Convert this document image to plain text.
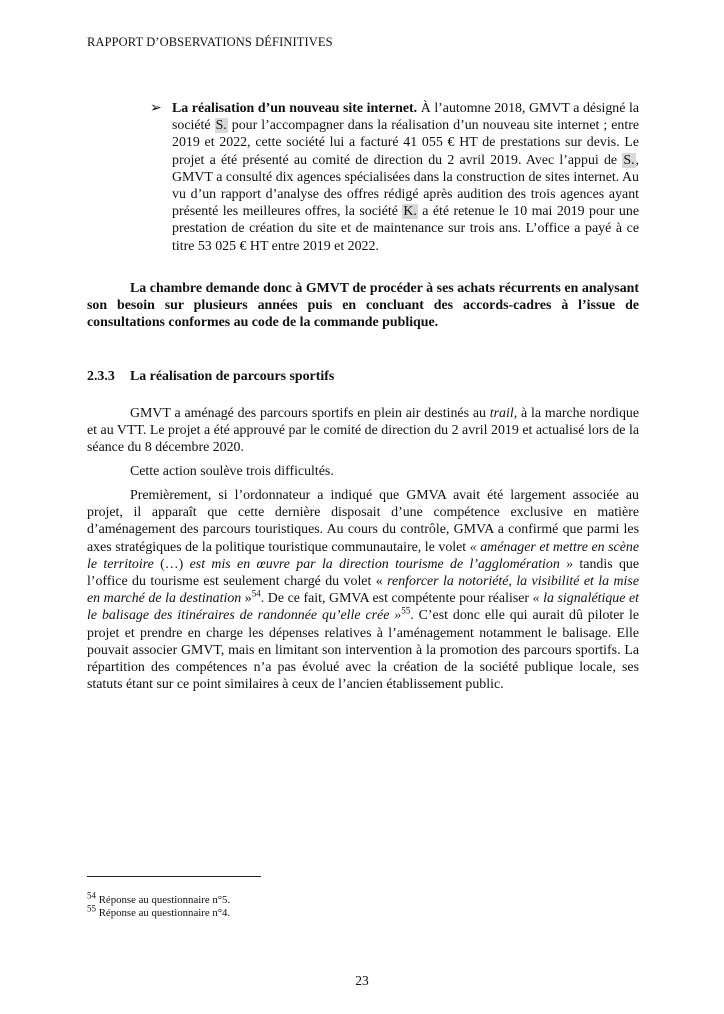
RAPPORT D’OBSERVATIONS DÉFINITIVES
➢ La réalisation d’un nouveau site internet. À l’automne 2018, GMVT a désigné la société S. pour l’accompagner dans la réalisation d’un nouveau site internet ; entre 2019 et 2022, cette société lui a facturé 41 055 € HT de prestations sur devis. Le projet a été présenté au comité de direction du 2 avril 2019. Avec l’appui de S., GMVT a consulté dix agences spécialisées dans la construction de sites internet. Au vu d’un rapport d’analyse des offres rédigé après audition des trois agences ayant présenté les meilleures offres, la société K. a été retenue le 10 mai 2019 pour une prestation de création du site et de maintenance sur trois ans. L’office a payé à ce titre 53 025 € HT entre 2019 et 2022.

La chambre demande donc à GMVT de procéder à ses achats récurrents en analysant son besoin sur plusieurs années puis en concluant des accords-cadres à l’issue de consultations conformes au code de la commande publique.

2.3.3 La réalisation de parcours sportifs

GMVT a aménagé des parcours sportifs en plein air destinés au trail, à la marche nordique et au VTT. Le projet a été approuvé par le comité de direction du 2 avril 2019 et actualisé lors de la séance du 8 décembre 2020.

Cette action soulève trois difficultés.

Premièrement, si l’ordonnateur a indiqué que GMVA avait été largement associée au projet, il apparaît que cette dernière disposait d’une compétence exclusive en matière d’aménagement des parcours touristiques. Au cours du contrôle, GMVA a confirmé que parmi les axes stratégiques de la politique touristique communautaire, le volet « aménager et mettre en scène le territoire (…) est mis en œuvre par la direction tourisme de l’agglomération » tandis que l’office du tourisme est seulement chargé du volet « renforcer la notoriété, la visibilité et la mise en marché de la destination »$^{54}$. De ce fait, GMVA est compétente pour réaliser « la signalétique et le balisage des itinéraires de randonnée qu’elle crée »$^{55}$. C’est donc elle qui aurait dû piloter le projet et prendre en charge les dépenses relatives à l’aménagement notamment le balisage. Elle pouvait associer GMVT, mais en limitant son intervention à la promotion des parcours sportifs. La répartition des compétences n’a pas évolué avec la création de la société publique locale, ses statuts étant sur ce point similaires à ceux de l’ancien établissement public.

$^{54}$ Réponse au questionnaire n°5.
$^{55}$ Réponse au questionnaire n°4.
23
